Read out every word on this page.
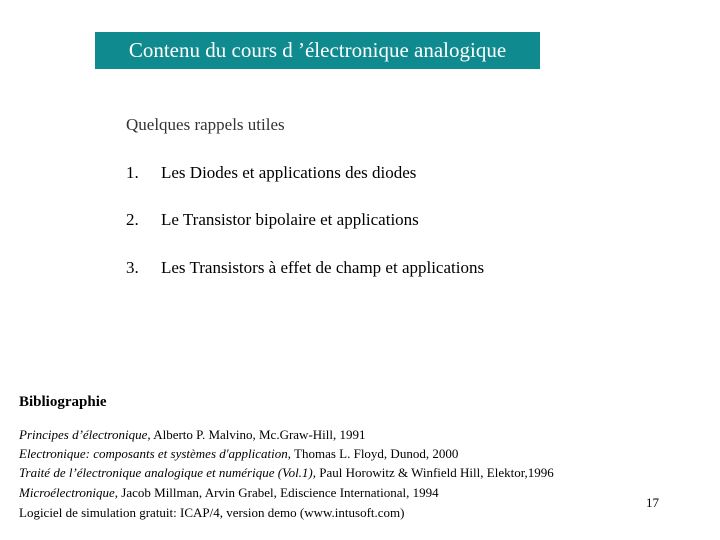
Contenu du cours d ’électronique analogique
Quelques rappels utiles
1. Les Diodes et applications des diodes
2. Le Transistor bipolaire et applications
3. Les Transistors à effet de champ et applications
Bibliographie
Principes d’électronique, Alberto P. Malvino, Mc.Graw-Hill, 1991
Electronique: composants et systèmes d'application, Thomas L. Floyd, Dunod, 2000
Traité de l’électronique analogique et numérique (Vol.1), Paul Horowitz & Winfield Hill, Elektor,1996
Microélectronique, Jacob Millman, Arvin Grabel, Ediscience International, 1994
Logiciel de simulation gratuit: ICAP/4, version demo (www.intusoft.com)
17
